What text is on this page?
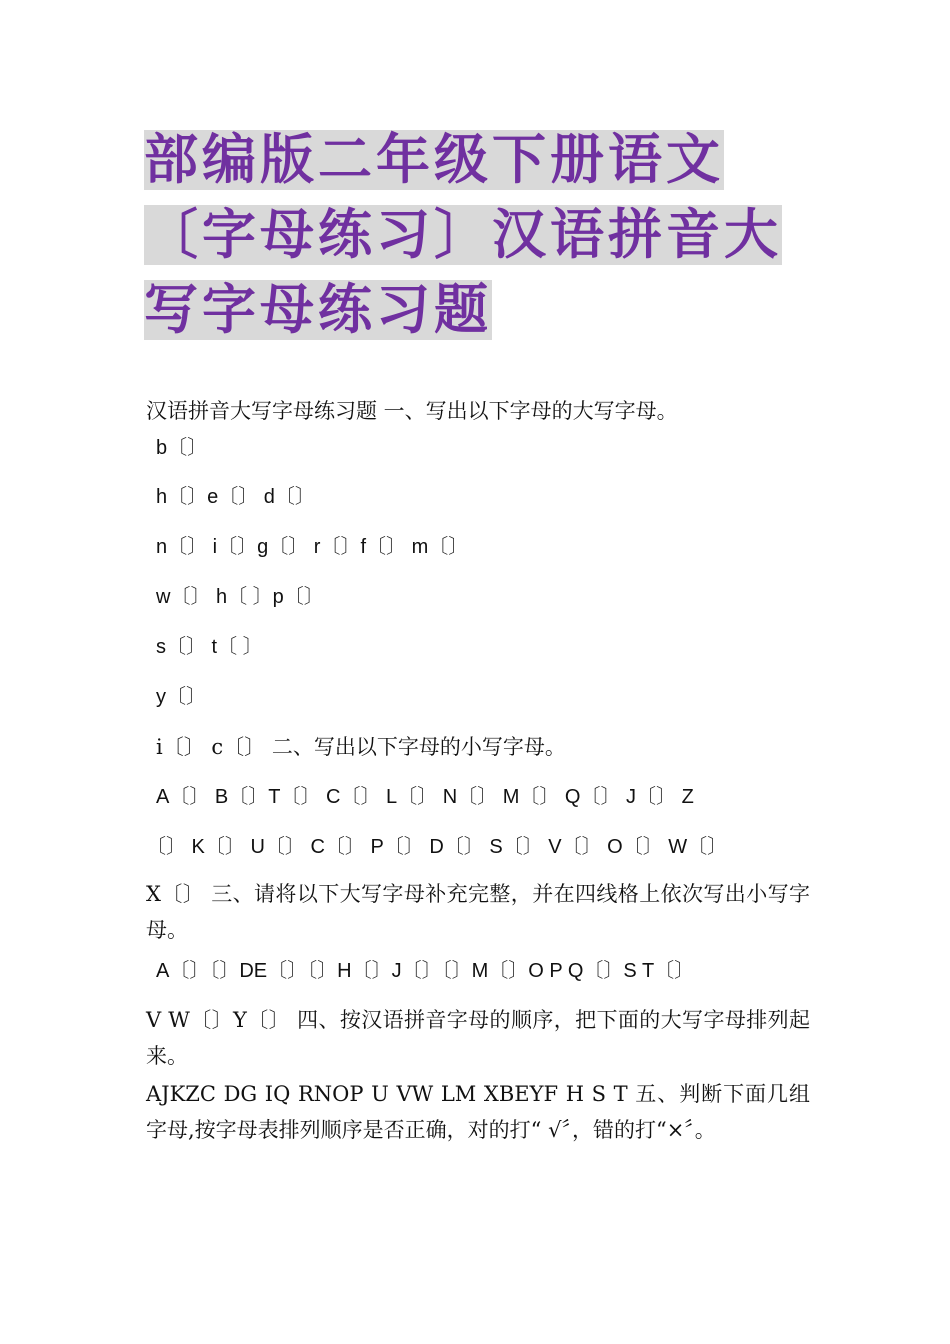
部编版二年级下册语文
〔字母练习〕汉语拼音大
写字母练习题
汉语拼音大写字母练习题 一、写出以下字母的大写字母。
b〔〕
h〔〕e〔〕 d〔〕
n〔〕 i〔〕g〔〕 r〔〕f〔〕 m〔〕
w〔〕 h〔 〕p〔〕
s〔〕 t〔 〕
y〔〕
i〔〕 c〔〕 二、写出以下字母的小写字母。
A〔〕 B〔〕T〔〕 C〔〕 L〔〕 N〔〕 M〔〕 Q〔〕 J〔〕 Z
〔〕 K〔〕 U〔〕 C〔〕 P〔〕 D〔〕 S〔〕 V〔〕 O〔〕 W〔〕
X〔〕 三、请将以下大写字母补充完整，并在四线格上依次写出小写字母。
A〔〕〔〕DE〔〕〔〕H〔〕J〔〕〔〕M〔〕O P Q〔〕S T〔〕
V W〔〕Y〔〕 四、按汉语拼音字母的顺序，把下面的大写字母排列起来。
AJKZC DG IQ RNOP U VW LM XBEYF H S T 五、判断下面几组字母,按字母表排列顺序是否正确，对的打“ √〞，错的打“×〞。
